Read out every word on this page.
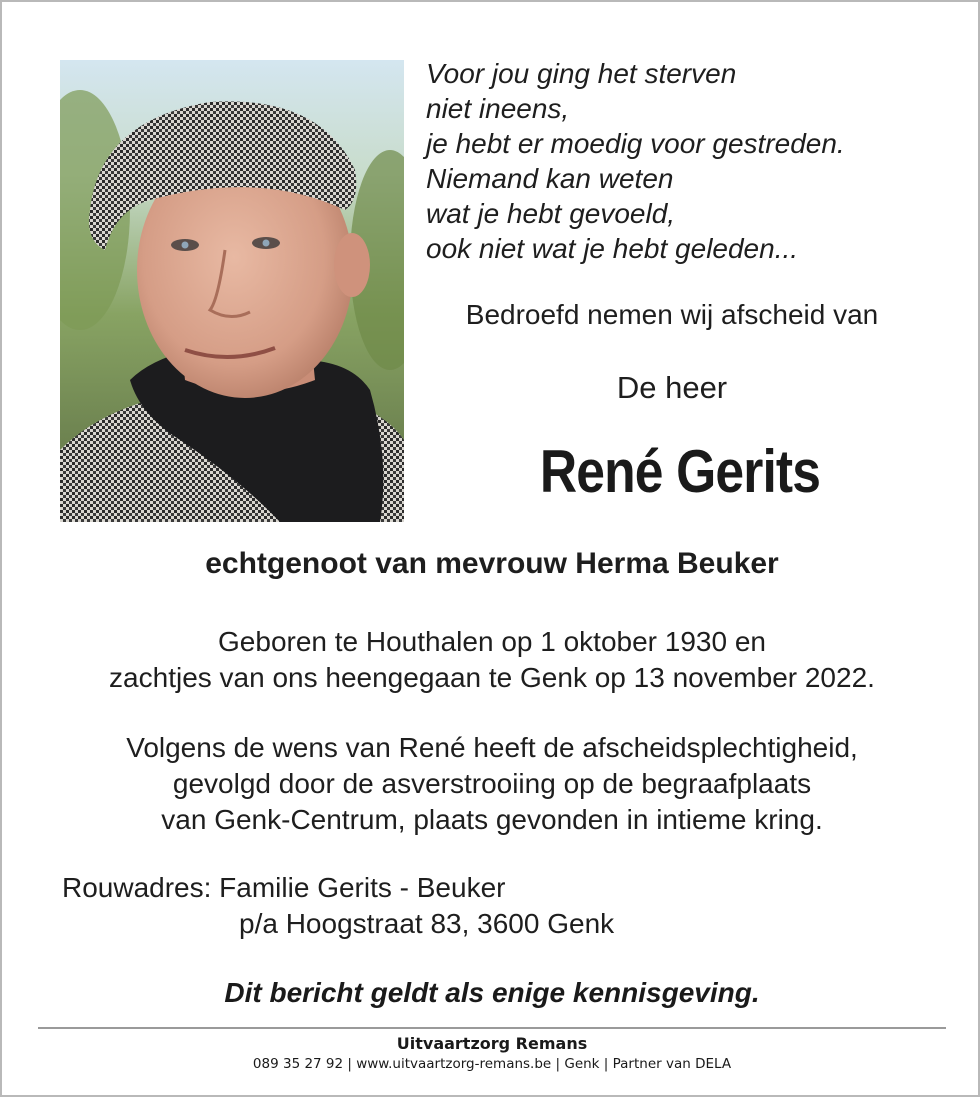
Voor jou ging het sterven
niet ineens,
je hebt er moedig voor gestreden.
Niemand kan weten
wat je hebt gevoeld,
ook niet wat je hebt geleden...
Bedroefd nemen wij afscheid van
De heer
René Gerits
echtgenoot van mevrouw Herma Beuker
Geboren te Houthalen op 1 oktober 1930 en
zachtjes van ons heengegaan te Genk op 13 november 2022.
Volgens de wens van René heeft de afscheidsplechtigheid,
gevolgd door de asverstrooiing op de begraafplaats
van Genk-Centrum, plaats gevonden in intieme kring.
Rouwadres: Familie Gerits - Beuker
p/a Hoogstraat 83, 3600 Genk
Dit bericht geldt als enige kennisgeving.
Uitvaartzorg Remans
089 35 27 92 | www.uitvaartzorg-remans.be | Genk | Partner van DELA
